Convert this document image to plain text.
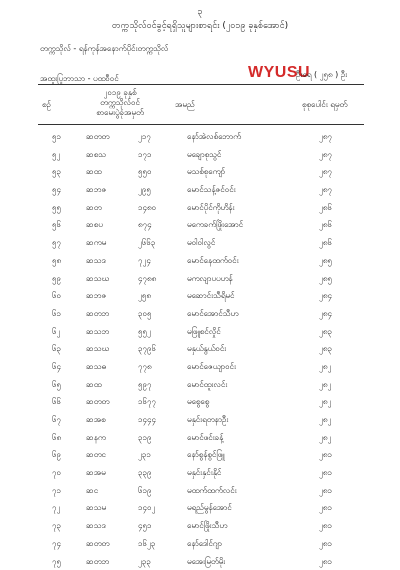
၃
တက္ကသိုလ်ဝင်ခွင့်ရရှိသူများစာရင်း (၂၀၁၉ ခုနှစ်အောင်)
တက္ကသိုလ် - ရန်ကုန်အနောက်ပိုင်းတက္ကသိုလ်
အထူးပြုဘာသာ - ပထဝီဝင်	WYUSU
ဦးရေ ( ၂၅၈ ) ဦး
စဉ်
၂၀၁၉ ခုနှစ်
တက္ကသိုလ်ဝင်
စာမေးပွဲခုံအမှတ်
အမည်	စုစုပေါင်း ရမှတ်
၅၁	ဆတတ	၂၁၇	နော်အဲလစ်ဘောက်	၂၈၇
၅၂	ဆစသ	၁၇၁	မချောစုသွင်	၂၈၇
၅၃	ဆထ	၅၅၀	မသစ်စုကျော်	၂၈၇
၅၄	ဆဘဇ	၂၉၅	မောင်သန့်ဇင်ဝင်း	၂၈၇
၅၅	ဆတ	၁၄၈၀	မောင်ပိုင်ကိုဟိန်း	၂၈၆
၅၆	ဆစပ	၈၇၄	မကေခက်ဖြိုးအောင်	၂၈၆
၅၇	ဆကမ	၂၆၆၃	မဝါဝါလွင်	၂၈၆
၅၈	ဆသဒ	၇၂၄	မောင်နေထက်ဝင်း	၂၈၅
၅၉	ဆသဃ	၄၇၈၈	မကလျာပပဟန်	၂၈၅
၆၀	ဆဘဇ	၂၅၈	မဆောင်းသီရိမင်	၂၈၄
၆၁	ဆတဘ	၃၀၅	မောင်အောင်သီဟ	၂၈၄
၆၂	ဆသဘ	၅၅၂	မဖြူစင်လှိုင်	၂၈၃
၆၃	ဆသဃ	၃၇၉၆	မနှယ်နွယ်ဝင်း	၂၈၃
၆၄	ဆသဓ	၇၇၈	မောင်ဇေယျာဝင်း	၂၈၂
၆၅	ဆထ	၅၉၇	မောင်ထူးလင်း	၂၈၂
၆၆	ဆတတ	၁၆၇၇	မစွေစွေ	၂၈၂
၆၇	ဆအစ	၁၄၄၄	မနှင်းရတနာဦး	၂၈၂
၆၈	ဆနက	၃၁၉	မောင်ဖင်းခန့်	၂၈၂
၆၉	ဆတင	၂၃၁	နော်စွန်စွင်ဖြူ	၂၈၁
၇၀	ဆအမ	၃၃၉	မနှင်းနှင်းနိုင်	၂၈၁
၇၁	ဆင	၆၁၉	မထက်ထက်လင်း	၂၈၁
၇၂	ဆသမ	၁၄၀၂	မရည်မွန်အောင်	၂၈၁
၇၃	ဆသဒ	၄၅၁	မောင်ဖြိုးသီဟ	၂၈၁
၇၄	ဆတတ	၁၆၂၃	နော်ဒေါင်ဂျာ	၂၈၁
၇၅	ဆတဘ	၂၃၃	မအေးမြတ်မိုး	၂၈၁
